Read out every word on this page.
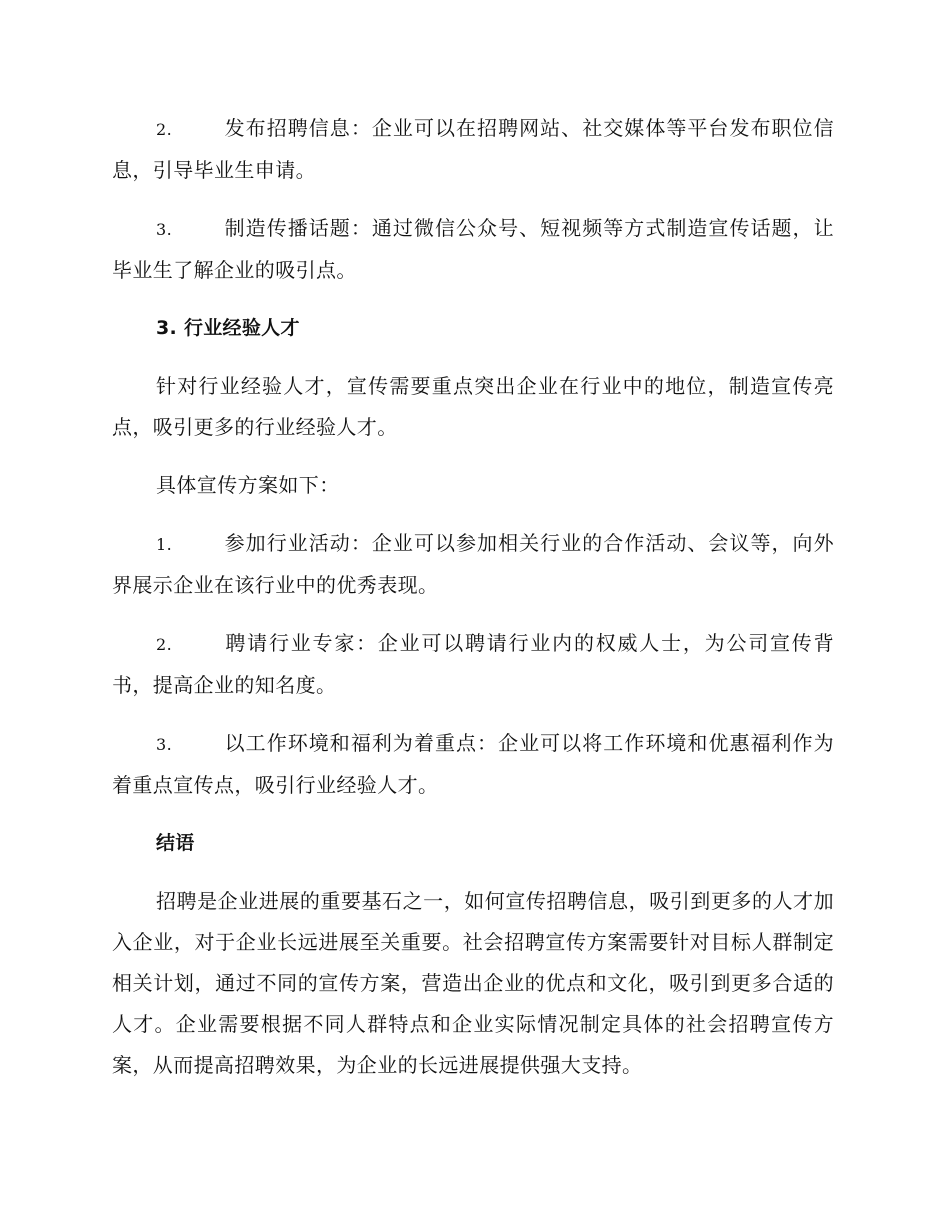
2.	发布招聘信息：企业可以在招聘网站、社交媒体等平台发布职位信息，引导毕业生申请。

3.	制造传播话题：通过微信公众号、短视频等方式制造宣传话题，让毕业生了解企业的吸引点。

3. 行业经验人才

针对行业经验人才，宣传需要重点突出企业在行业中的地位，制造宣传亮点，吸引更多的行业经验人才。

具体宣传方案如下：

1.	参加行业活动：企业可以参加相关行业的合作活动、会议等，向外界展示企业在该行业中的优秀表现。

2.	聘请行业专家：企业可以聘请行业内的权威人士，为公司宣传背书，提高企业的知名度。

3.	以工作环境和福利为着重点：企业可以将工作环境和优惠福利作为着重点宣传点，吸引行业经验人才。

结语

招聘是企业进展的重要基石之一，如何宣传招聘信息，吸引到更多的人才加入企业，对于企业长远进展至关重要。社会招聘宣传方案需要针对目标人群制定相关计划，通过不同的宣传方案，营造出企业的优点和文化，吸引到更多合适的人才。企业需要根据不同人群特点和企业实际情况制定具体的社会招聘宣传方案，从而提高招聘效果，为企业的长远进展提供强大支持。
